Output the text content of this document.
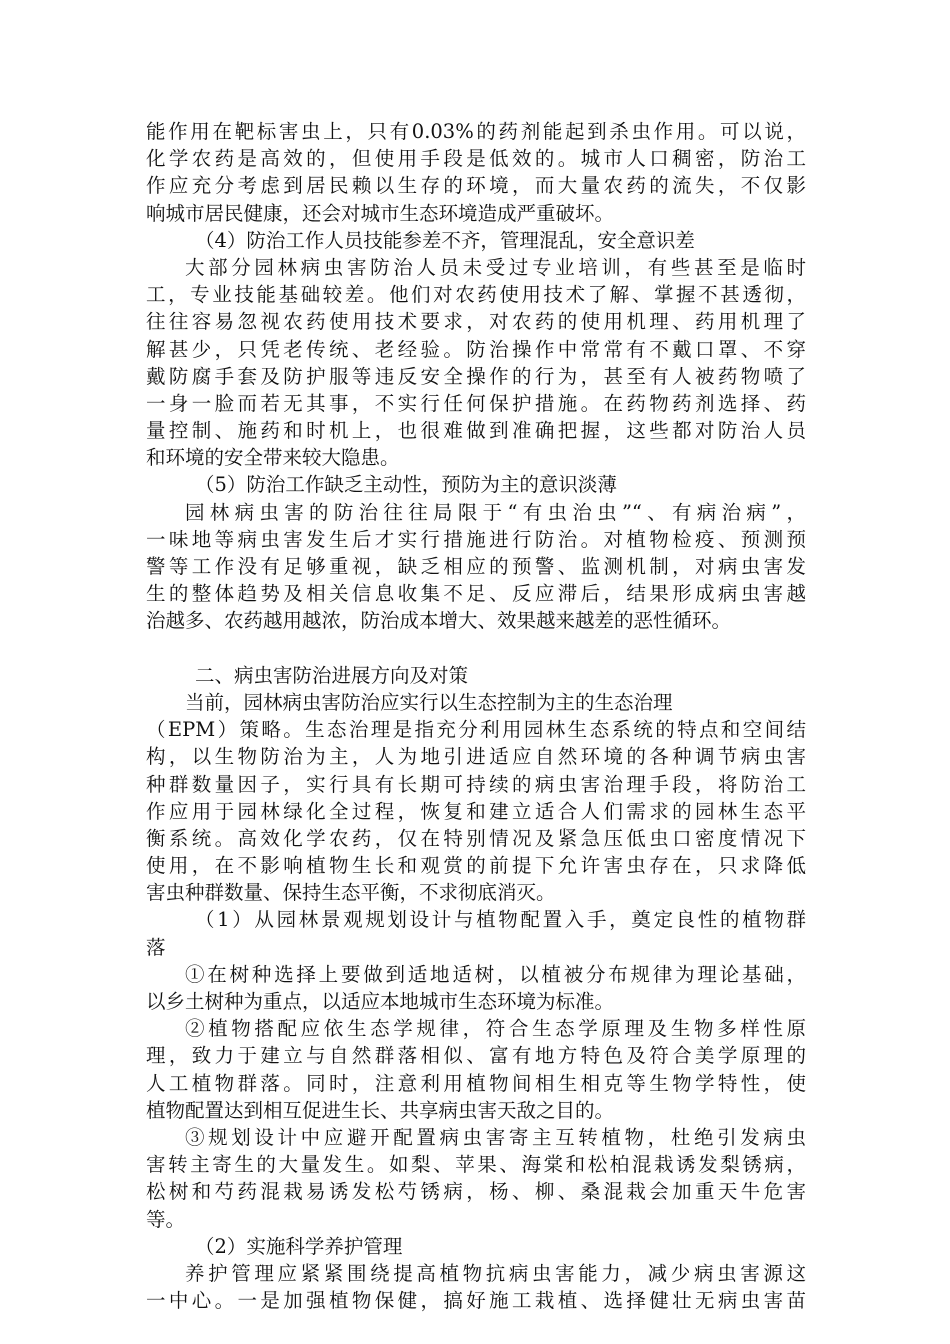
能作用在靶标害虫上，只有0.03%的药剂能起到杀虫作用。可以说，
化学农药是高效的，但使用手段是低效的。城市人口稠密，防治工
作应充分考虑到居民赖以生存的环境，而大量农药的流失，不仅影
响城市居民健康，还会对城市生态环境造成严重破坏。
（4）防治工作人员技能参差不齐，管理混乱，安全意识差
大部分园林病虫害防治人员未受过专业培训，有些甚至是临时
工，专业技能基础较差。他们对农药使用技术了解、掌握不甚透彻，
往往容易忽视农药使用技术要求，对农药的使用机理、药用机理了
解甚少，只凭老传统、老经验。防治操作中常常有不戴口罩、不穿
戴防腐手套及防护服等违反安全操作的行为，甚至有人被药物喷了
一身一脸而若无其事，不实行任何保护措施。在药物药剂选择、药
量控制、施药和时机上，也很难做到准确把握，这些都对防治人员
和环境的安全带来较大隐患。
（5）防治工作缺乏主动性，预防为主的意识淡薄
园林病虫害的防治往往局限于“有虫治虫”“、有病治病”，
一味地等病虫害发生后才实行措施进行防治。对植物检疫、预测预
警等工作没有足够重视，缺乏相应的预警、监测机制，对病虫害发
生的整体趋势及相关信息收集不足、反应滞后，结果形成病虫害越
治越多、农药越用越浓，防治成本增大、效果越来越差的恶性循环。
二、病虫害防治进展方向及对策
当前，园林病虫害防治应实行以生态控制为主的生态治理
（EPM）策略。生态治理是指充分利用园林生态系统的特点和空间结
构，以生物防治为主，人为地引进适应自然环境的各种调节病虫害
种群数量因子，实行具有长期可持续的病虫害治理手段，将防治工
作应用于园林绿化全过程，恢复和建立适合人们需求的园林生态平
衡系统。高效化学农药，仅在特别情况及紧急压低虫口密度情况下
使用，在不影响植物生长和观赏的前提下允许害虫存在，只求降低
害虫种群数量、保持生态平衡，不求彻底消灭。
（1）从园林景观规划设计与植物配置入手，奠定良性的植物群
落
①在树种选择上要做到适地适树，以植被分布规律为理论基础，
以乡土树种为重点，以适应本地城市生态环境为标准。
②植物搭配应依生态学规律，符合生态学原理及生物多样性原
理，致力于建立与自然群落相似、富有地方特色及符合美学原理的
人工植物群落。同时，注意利用植物间相生相克等生物学特性，使
植物配置达到相互促进生长、共享病虫害天敌之目的。
③规划设计中应避开配置病虫害寄主互转植物，杜绝引发病虫
害转主寄生的大量发生。如梨、苹果、海棠和松柏混栽诱发梨锈病，
松树和芍药混栽易诱发松芍锈病，杨、柳、桑混栽会加重天牛危害
等。
（2）实施科学养护管理
养护管理应紧紧围绕提高植物抗病虫害能力，减少病虫害源这
一中心。一是加强植物保健，搞好施工栽植、选择健壮无病虫害苗
